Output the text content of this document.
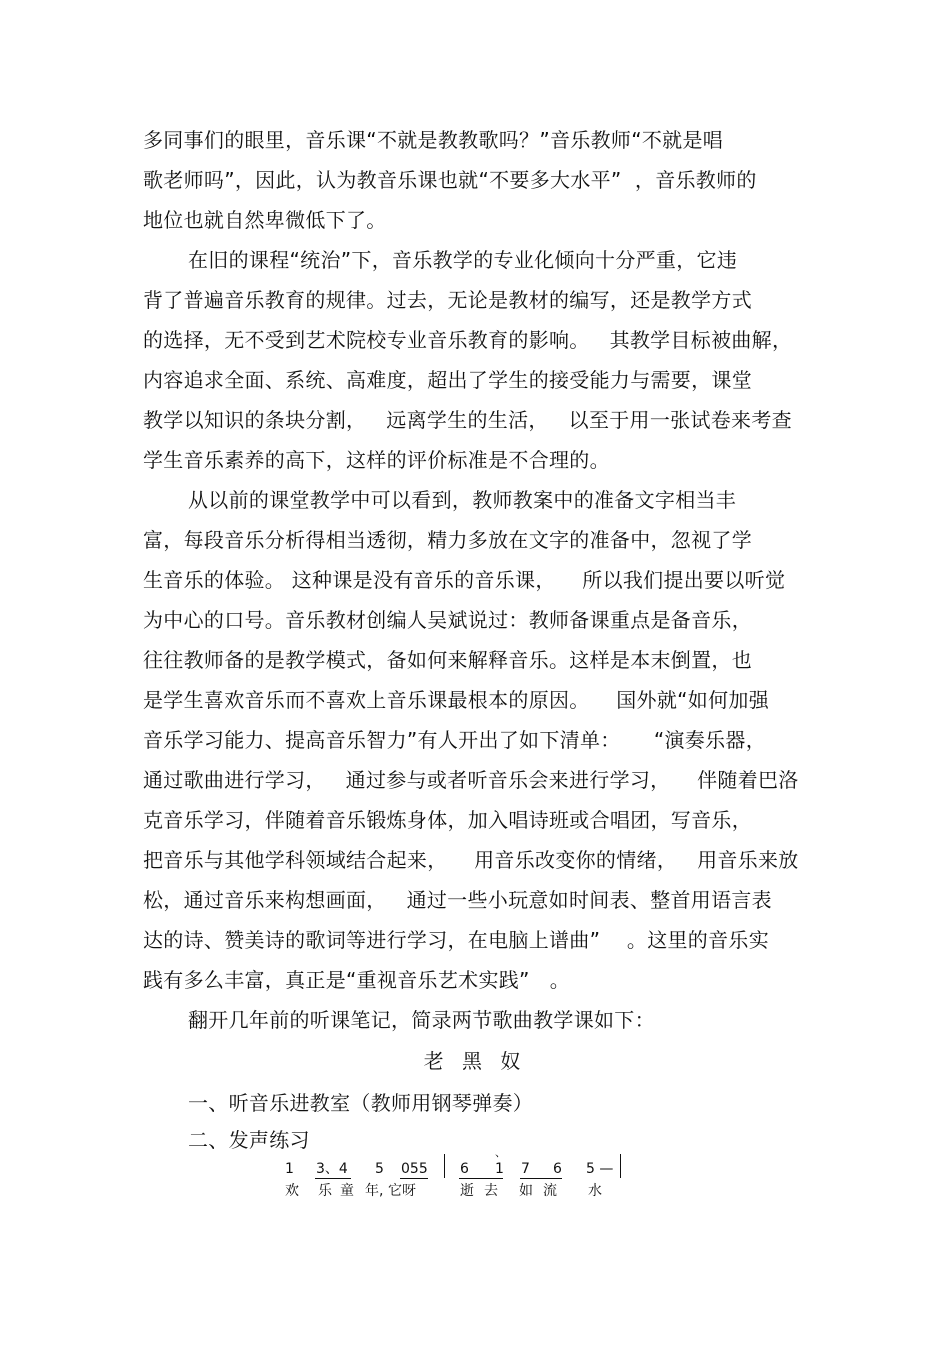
多同事们的眼里，音乐课“不就是教教歌吗？”音乐教师“不就是唱
歌老师吗”，因此，认为教音乐课也就“不要多大水平”  ，音乐教师的
地位也就自然卑微低下了。
在旧的课程“统治”下，音乐教学的专业化倾向十分严重，它违
背了普遍音乐教育的规律。过去，无论是教材的编写，还是教学方式
的选择，无不受到艺术院校专业音乐教育的影响。   其教学目标被曲解，
内容追求全面、系统、高难度，超出了学生的接受能力与需要，课堂
教学以知识的条块分割，   远离学生的生活，   以至于用一张试卷来考查
学生音乐素养的高下，这样的评价标准是不合理的。
从以前的课堂教学中可以看到，教师教案中的准备文字相当丰
富，每段音乐分析得相当透彻，精力多放在文字的准备中，忽视了学
生音乐的体验。 这种课是没有音乐的音乐课，    所以我们提出要以听觉
为中心的口号。音乐教材创编人吴斌说过：教师备课重点是备音乐，
往往教师备的是教学模式，备如何来解释音乐。这样是本末倒置，也
是学生喜欢音乐而不喜欢上音乐课最根本的原因。    国外就“如何加强
音乐学习能力、提高音乐智力”有人开出了如下清单：     “演奏乐器，
通过歌曲进行学习，   通过参与或者听音乐会来进行学习，    伴随着巴洛
克音乐学习，伴随着音乐锻炼身体，加入唱诗班或合唱团，写音乐，
把音乐与其他学科领域结合起来，    用音乐改变你的情绪，   用音乐来放
松，通过音乐来构想画面，   通过一些小玩意如时间表、整首用语言表
达的诗、赞美诗的歌词等进行学习，在电脑上谱曲”    。这里的音乐实
践有多么丰富，真正是“重视音乐艺术实践”   。
翻开几年前的听课笔记，简录两节歌曲教学课如下：
老 黑 奴
一、听音乐进教室（教师用钢琴弹奏）
二、发声练习
1 3、4 5 055 6 1 7 6 5 —
、
欢 乐 童 年, 它呀	逝 去 如 流 水
